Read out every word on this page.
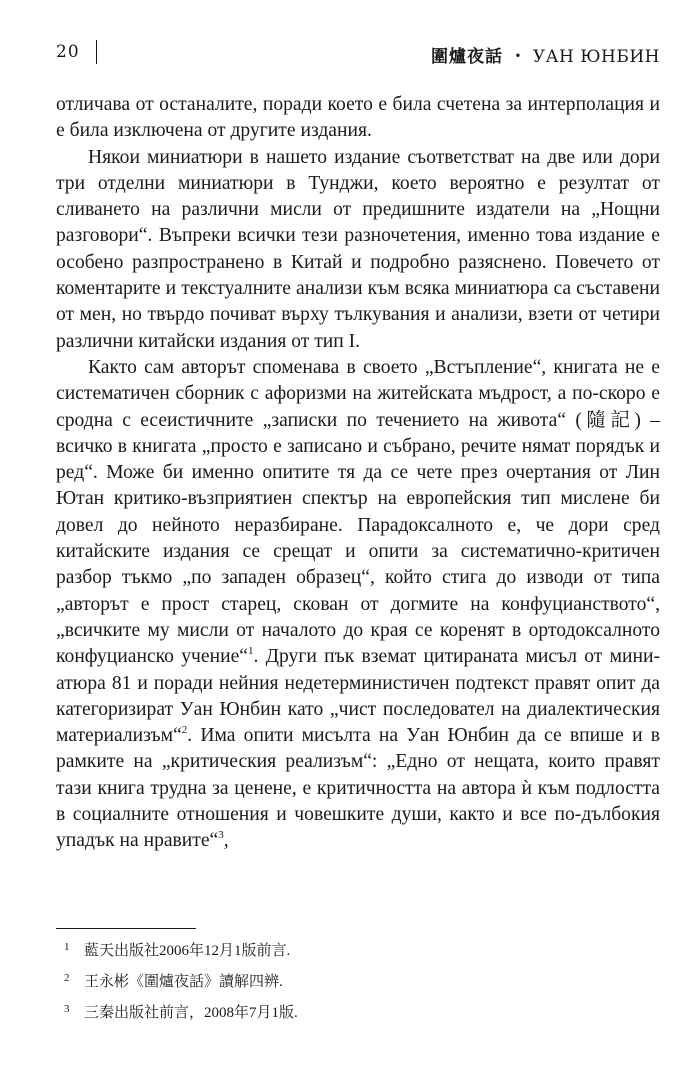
20	圍爐夜話 • УАН ЮНБИН

отличава от останалите, поради което е била счетена за интерполация и е била изключена от другите издания.

Някои миниатюри в нашето издание съответстват на две или дори три отделни миниатюри в Тунджи, което вероятно е резултат от сливането на различни мисли от предишните издатели на „Нощни разговори“. Въпреки всички тези разночетения, именно това издание е особено разпространено в Китай и подробно разяснено. Повечето от коментарите и текстуалните анализи към всяка миниатюра са съставени от мен, но твърдо почиват върху тълкувания и анализи, взети от четири различни китайски издания от тип I.

Както сам авторът споменава в своето „Встъпление“, книгата не е систематичен сборник с афоризми на житейската мъдрост, а по-скоро е сродна с есеистичните „записки по течението на живота“ (隨記) – всичко в книгата „просто е записано и събрано, речите нямат порядък и ред“. Може би именно опитите тя да се чете през очертания от Лин Ютан критико-възприятиен спектър на европейския тип мислене би довел до нейното неразбиране. Парадоксалното е, че дори сред китайските издания се срещат и опити за систематично-критичен разбор тъкмо „по западен образец“, който стига до изводи от типа „авторът е прост старец, скован от догмите на конфуцианството“, „всичките му мисли от началото до края се коренят в ортодоксалното конфуцианско учение“$^1$. Други пък вземат цитираната мисъл от миниатюра 81 и поради нейния недетерминистичен подтекст правят опит да категоризират Уан Юнбин като „чист последовател на диалектическия материализъм“$^2$. Има опити мисълта на Уан Юнбин да се впише и в рамките на „критическия реализъм“: „Едно от нещата, които правят тази книга трудна за ценене, е критичността на автора ѝ към подлостта в социалните отношения и човешките души, както и все по-дълбокия упадък на нравите“$^3$,

1 藍天出版社2006年12月1版前言.
2 王永彬《圍爐夜話》讀解四辨.
3 三秦出版社前言，2008年7月1版.
